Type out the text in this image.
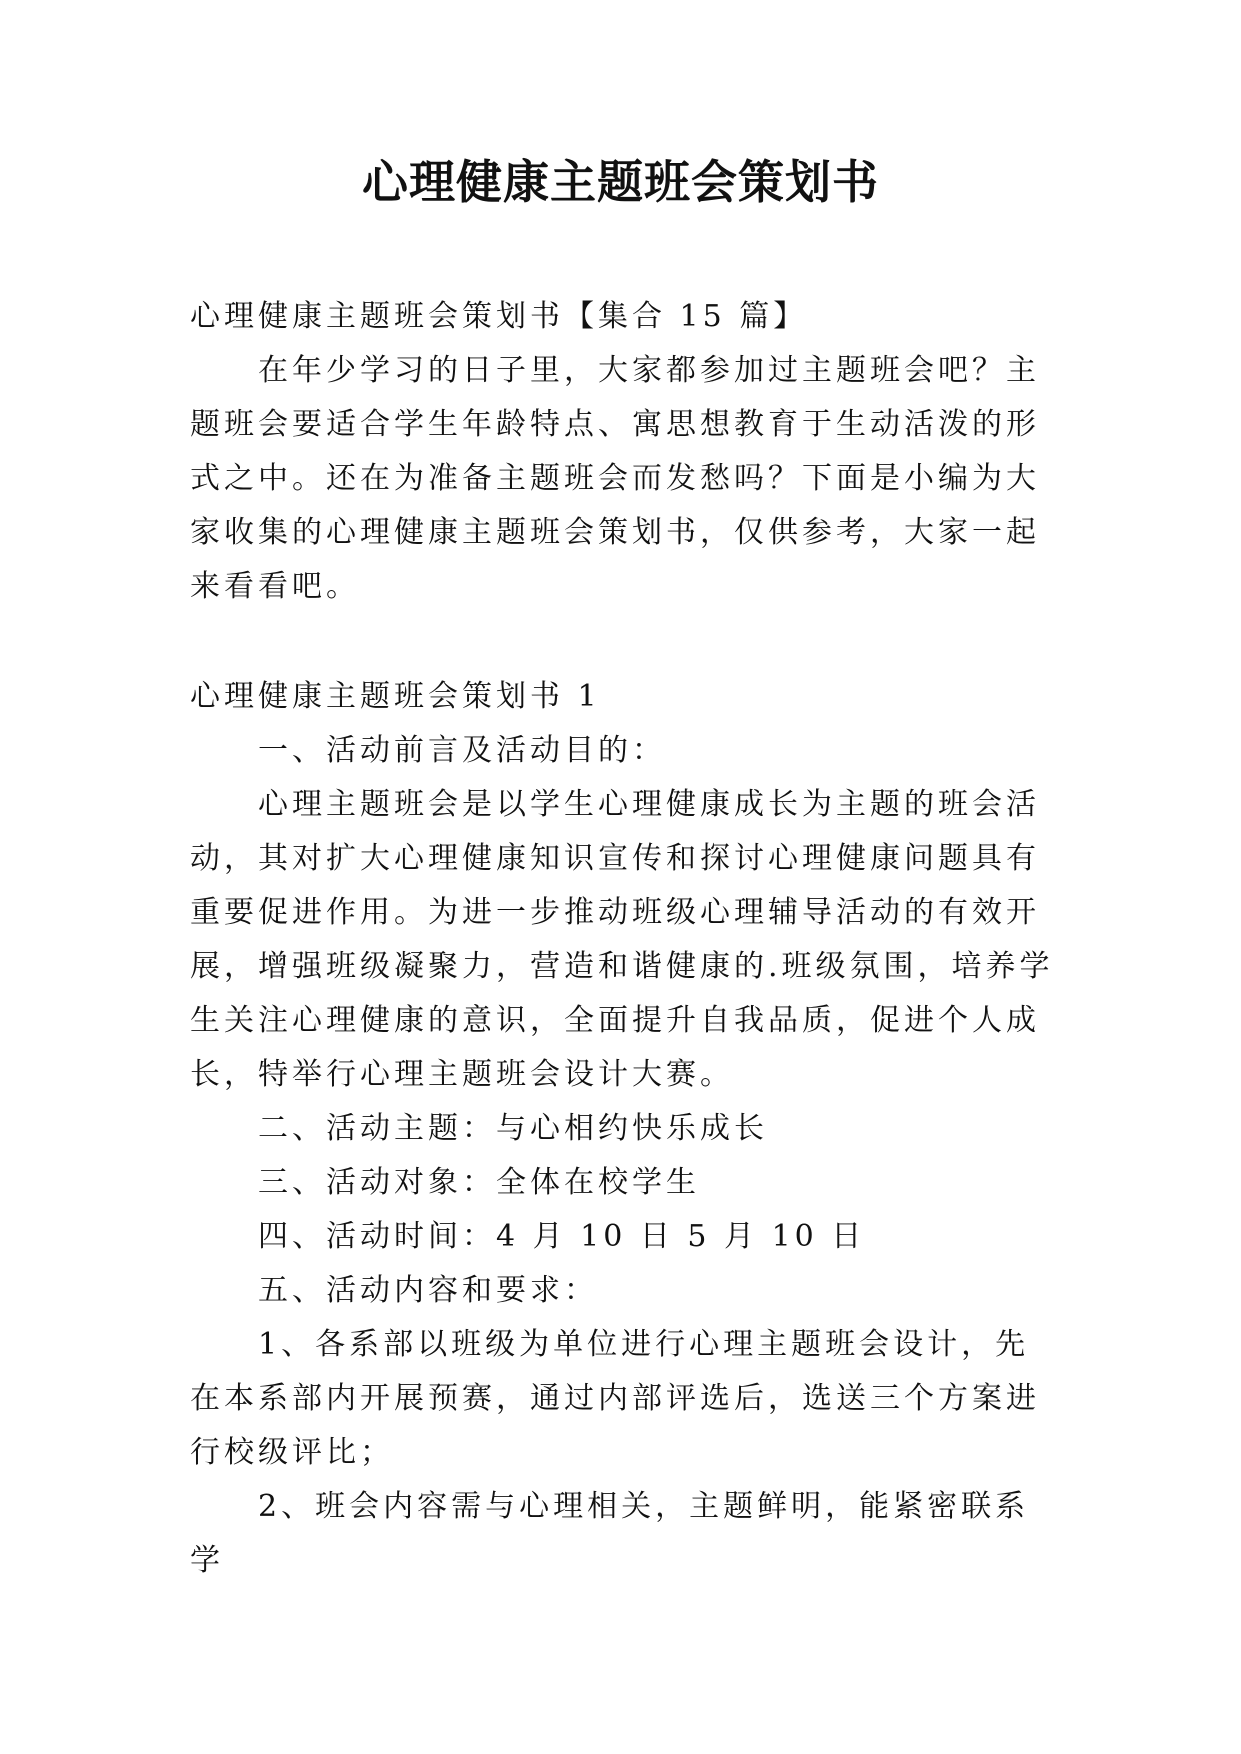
心理健康主题班会策划书

心理健康主题班会策划书【集合 15 篇】

在年少学习的日子里，大家都参加过主题班会吧？主题班会要适合学生年龄特点、寓思想教育于生动活泼的形式之中。还在为准备主题班会而发愁吗？下面是小编为大家收集的心理健康主题班会策划书，仅供参考，大家一起来看看吧。

心理健康主题班会策划书 1

一、活动前言及活动目的：

心理主题班会是以学生心理健康成长为主题的班会活动，其对扩大心理健康知识宣传和探讨心理健康问题具有重要促进作用。为进一步推动班级心理辅导活动的有效开展，增强班级凝聚力，营造和谐健康的.班级氛围，培养学生关注心理健康的意识，全面提升自我品质，促进个人成长，特举行心理主题班会设计大赛。

二、活动主题：与心相约快乐成长

三、活动对象：全体在校学生

四、活动时间：4 月 10 日 5 月 10 日

五、活动内容和要求：

1、各系部以班级为单位进行心理主题班会设计，先在本系部内开展预赛，通过内部评选后，选送三个方案进行校级评比；

2、班会内容需与心理相关，主题鲜明，能紧密联系学
